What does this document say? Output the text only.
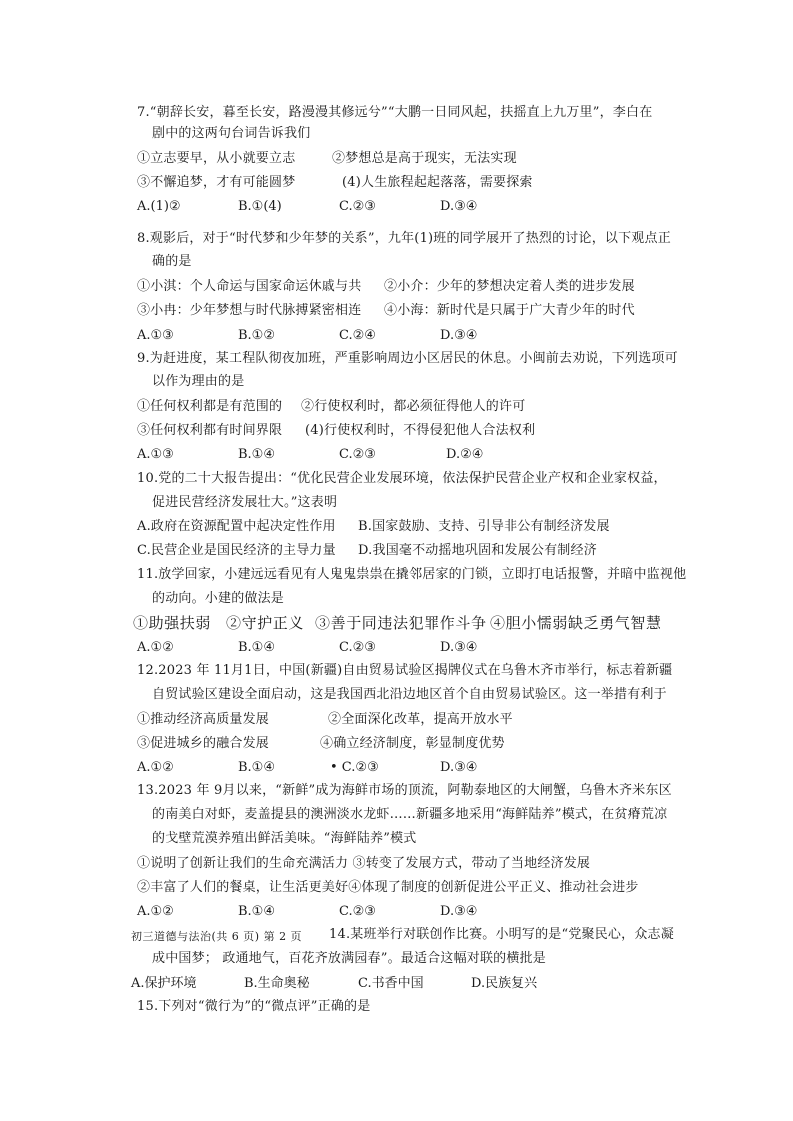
7.“朝辞长安，暮至长安，路漫漫其修远兮”“大鹏一日同风起，扶摇直上九万里”，李白在
剧中的这两句台词告诉我们
①立志要早，从小就要立志	②梦想总是高于现实，无法实现
③不懈追梦，才有可能圆梦	(4)人生旅程起起落落，需要探索
A.(1)②	B.①(4)	C.②③	D.③④
8.观影后，对于“时代梦和少年梦的关系”，九年(1)班的同学展开了热烈的讨论，以下观点正
确的是
①小淇：个人命运与国家命运休戚与共 ②小介：少年的梦想决定着人类的进步发展
③小冉：少年梦想与时代脉搏紧密相连 ④小海：新时代是只属于广大青少年的时代
A.①③	B.①②	C.②④	D.③④
9.为赶进度，某工程队彻夜加班，严重影响周边小区居民的休息。小闽前去劝说，下列选项可
以作为理由的是
①任何权利都是有范围的 ②行使权利时，都必须征得他人的许可
③任何权利都有时间界限 (4)行使权利时，不得侵犯他人合法权利
A.①③	B.①④	C.②③	D.②④
10.党的二十大报告提出：“优化民营企业发展环境，依法保护民营企业产权和企业家权益，
促进民营经济发展壮大。”这表明
A.政府在资源配置中起决定性作用 B.国家鼓励、支持、引导非公有制经济发展
C.民营企业是国民经济的主导力量 D.我国毫不动摇地巩固和发展公有制经济
11.放学回家，小建远远看见有人鬼鬼祟祟在撬邻居家的门锁，立即打电话报警，并暗中监视他
的动向。小建的做法是
①助强扶弱 ②守护正义 ③善于同违法犯罪作斗争 ④胆小懦弱缺乏勇气智慧
A.①②	B.①④	C.②③	D.③④
12.2023 年 11月1日，中国(新疆)自由贸易试验区揭牌仪式在乌鲁木齐市举行，标志着新疆
自贸试验区建设全面启动，这是我国西北沿边地区首个自由贸易试验区。这一举措有利于
①推动经济高质量发展	②全面深化改革，提高开放水平
③促进城乡的融合发展	④确立经济制度，彰显制度优势
A.①②	B.①④	• C.②③	D.③④
13.2023 年 9月以来，“新鲜”成为海鲜市场的顶流，阿勒泰地区的大闸蟹，乌鲁木齐米东区
的南美白对虾，麦盖提县的澳洲淡水龙虾……新疆多地采用“海鲜陆养”模式，在贫瘠荒凉
的戈壁荒漠养殖出鲜活美味。“海鲜陆养”模式
①说明了创新让我们的生命充满活力 ③转变了发展方式，带动了当地经济发展
②丰富了人们的餐桌，让生活更美好④体现了制度的创新促进公平正义、推动社会进步
A.①②	B.①④	C.②③	D.③④
初三道德与法治(共 6 页) 第 2 页 14.某班举行对联创作比赛。小明写的是“党聚民心，众志凝
成中国梦； 政通地气，百花齐放满园春”。最适合这幅对联的横批是
A.保护环境	B.生命奥秘	C.书香中国	D.民族复兴
15.下列对“微行为”的“微点评”正确的是
